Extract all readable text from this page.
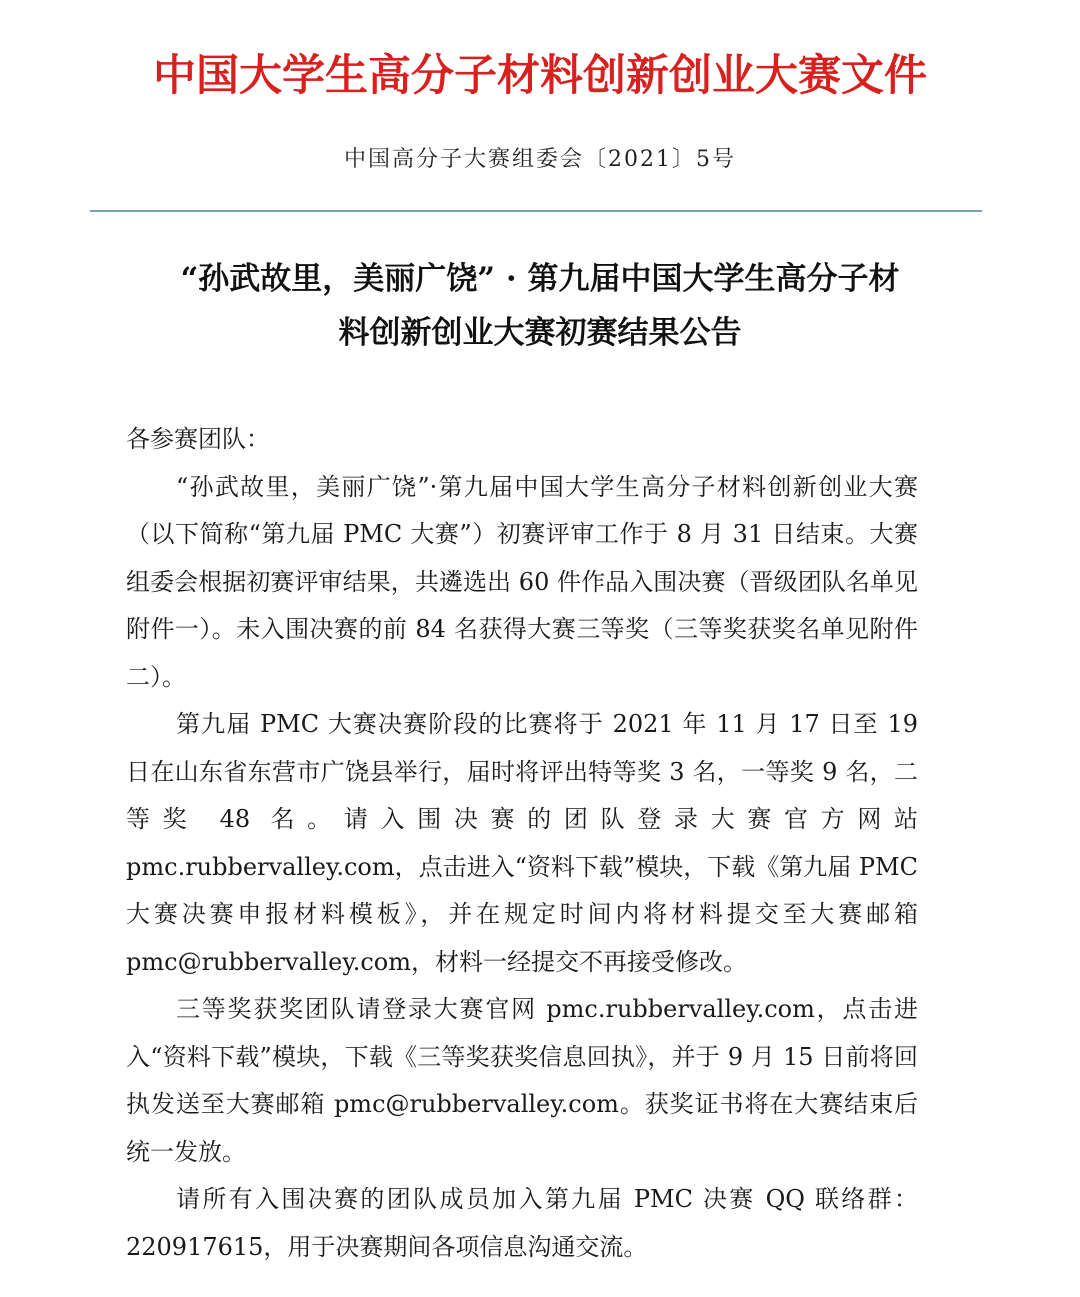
中国大学生高分子材料创新创业大赛文件
中国高分子大赛组委会〔2021〕5号
“孙武故里，美丽广饶” · 第九届中国大学生高分子材
料创新创业大赛初赛结果公告

各参赛团队：

“孙武故里，美丽广饶”·第九届中国大学生高分子材料创新创业大赛（以下简称“第九届 PMC 大赛”）初赛评审工作于 8 月 31 日结束。大赛组委会根据初赛评审结果，共遴选出 60 件作品入围决赛（晋级团队名单见附件一）。未入围决赛的前 84 名获得大赛三等奖（三等奖获奖名单见附件二）。

第九届 PMC 大赛决赛阶段的比赛将于 2021 年 11 月 17 日至 19 日在山东省东营市广饶县举行，届时将评出特等奖 3 名，一等奖 9 名，二等奖 48 名。请入围决赛的团队登录大赛官方网站 pmc.rubbervalley.com，点击进入“资料下载”模块，下载《第九届 PMC 大赛决赛申报材料模板》，并在规定时间内将材料提交至大赛邮箱 pmc@rubbervalley.com，材料一经提交不再接受修改。

三等奖获奖团队请登录大赛官网 pmc.rubbervalley.com，点击进入“资料下载”模块，下载《三等奖获奖信息回执》，并于 9 月 15 日前将回执发送至大赛邮箱 pmc@rubbervalley.com。获奖证书将在大赛结束后统一发放。

请所有入围决赛的团队成员加入第九届 PMC 决赛 QQ 联络群：220917615，用于决赛期间各项信息沟通交流。
